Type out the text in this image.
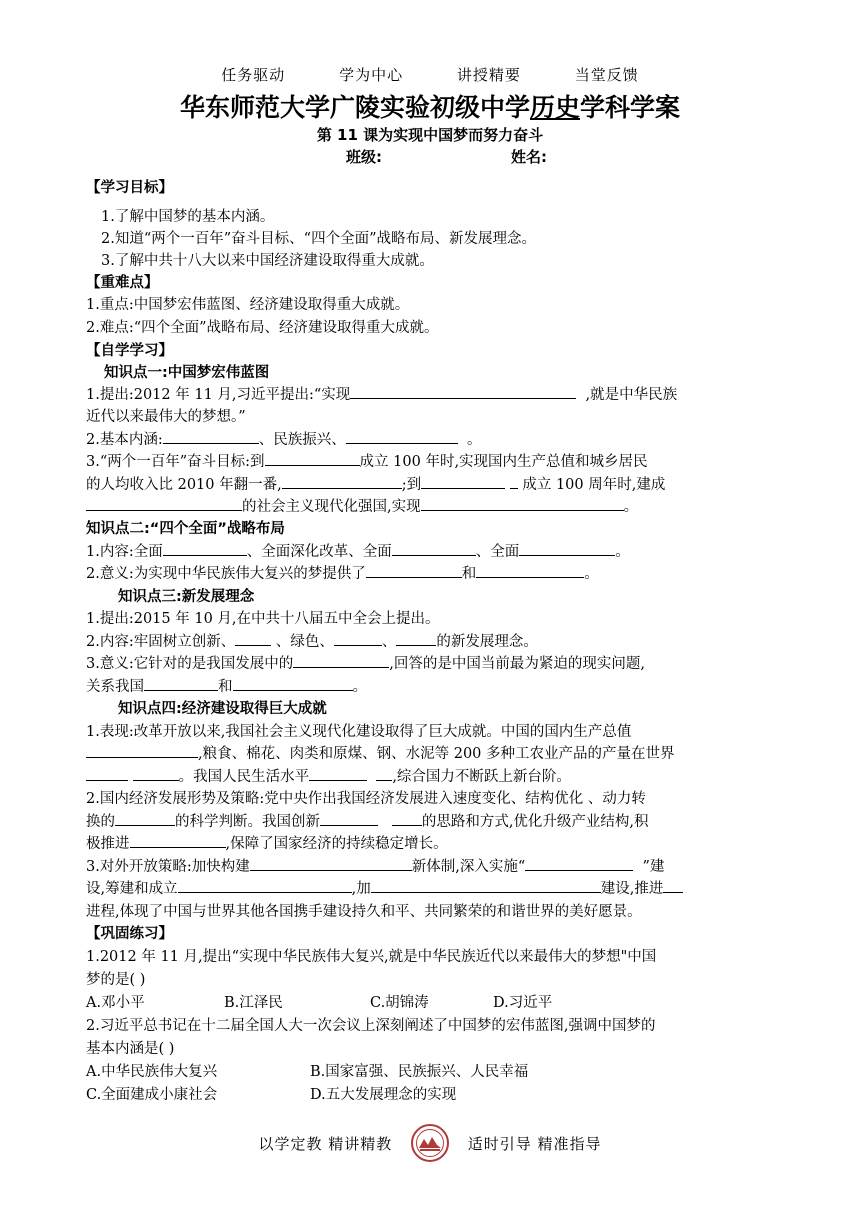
任务驱动	学为中心	讲授精要	当堂反馈
华东师范大学广陵实验初级中学历史学科学案
第 11 课为实现中国梦而努力奋斗
班级:	姓名:
【学习目标】
1.了解中国梦的基本内涵。
2.知道“两个一百年”奋斗目标、“四个全面”战略布局、新发展理念。
3.了解中共十八大以来中国经济建设取得重大成就。
【重难点】
1.重点:中国梦宏伟蓝图、经济建设取得重大成就。
2.难点:“四个全面”战略布局、经济建设取得重大成就。
【自学学习】
知识点一:中国梦宏伟蓝图
1.提出:2012 年 11 月,习近平提出:“实现	,就是中华民族
近代以来最伟大的梦想。”
2.基本内涵:	、民族振兴、	。
3.“两个一百年”奋斗目标:到	成立 100 年时,实现国内生产总值和城乡居民
的人均收入比 2010 年翻一番,	;到	成立 100 周年时,建成
的社会主义现代化强国,实现	。
知识点二:“四个全面”战略布局
1.内容:全面	、全面深化改革、全面	、全面	。
2.意义:为实现中华民族伟大复兴的梦提供了	和	。
知识点三:新发展理念
1.提出:2015 年 10 月,在中共十八届五中全会上提出。
2.内容:牢固树立创新、	、绿色、	、	的新发展理念。
3.意义:它针对的是我国发展中的	,回答的是中国当前最为紧迫的现实问题,
关系我国	和	。
知识点四:经济建设取得巨大成就
1.表现:改革开放以来,我国社会主义现代化建设取得了巨大成就。中国的国内生产总值
,粮食、棉花、肉类和原煤、钢、水泥等 200 多种工农业产品的产量在世界
。我国人民生活水平	,综合国力不断跃上新台阶。
2.国内经济发展形势及策略:党中央作出我国经济发展进入速度变化、结构优化 、动力转
换的	的科学判断。我国创新	的思路和方式,优化升级产业结构,积
极推进	,保障了国家经济的持续稳定增长。
3.对外开放策略:加快构建	新体制,深入实施“	”建
设,筹建和成立	,加	建设,推进
进程,体现了中国与世界其他各国携手建设持久和平、共同繁荣的和谐世界的美好愿景。
【巩固练习】
1.2012 年 11 月,提出“实现中华民族伟大复兴,就是中华民族近代以来最伟大的梦想"中国
梦的是( )
A.邓小平	B.江泽民	C.胡锦涛	D.习近平
2.习近平总书记在十二届全国人大一次会议上深刻阐述了中国梦的宏伟蓝图,强调中国梦的
基本内涵是( )
A.中华民族伟大复兴	B.国家富强、民族振兴、人民幸福
C.全面建成小康社会	D.五大发展理念的实现
以学定教 精讲精教	适时引导 精准指导
